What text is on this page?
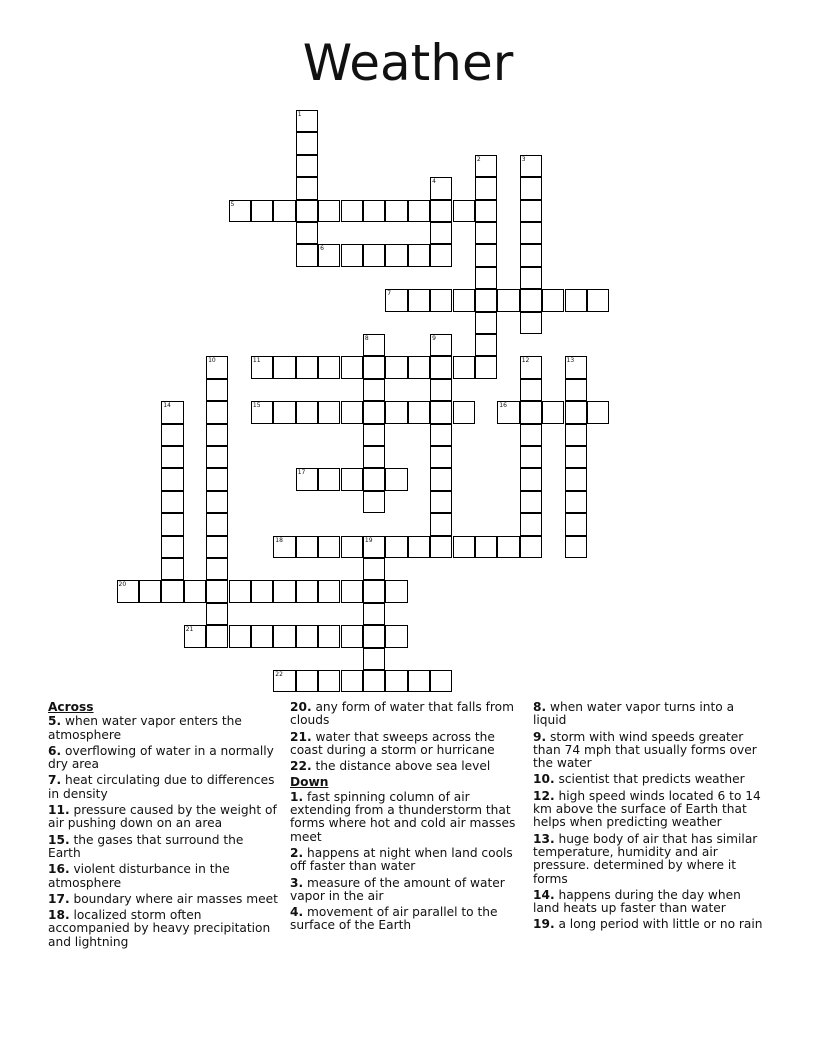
Weather
5
6
7
11
15	16
17
18	19
20
21
22
1
2	3
4
8	9
10	12	13
14
Across
5. when water vapor enters the atmosphere
6. overflowing of water in a normally dry area
7. heat circulating due to differences in density
11. pressure caused by the weight of air pushing down on an area
15. the gases that surround the Earth
16. violent disturbance in the atmosphere
17. boundary where air masses meet
18. localized storm often accompanied by heavy precipitation and lightning
20. any form of water that falls from clouds
21. water that sweeps across the coast during a storm or hurricane
22. the distance above sea level
Down
1. fast spinning column of air extending from a thunderstorm that forms where hot and cold air masses meet
2. happens at night when land cools off faster than water
3. measure of the amount of water vapor in the air
4. movement of air parallel to the surface of the Earth
8. when water vapor turns into a liquid
9. storm with wind speeds greater than 74 mph that usually forms over the water
10. scientist that predicts weather
12. high speed winds located 6 to 14 km above the surface of Earth that helps when predicting weather
13. huge body of air that has similar temperature, humidity and air pressure. determined by where it forms
14. happens during the day when land heats up faster than water
19. a long period with little or no rain
